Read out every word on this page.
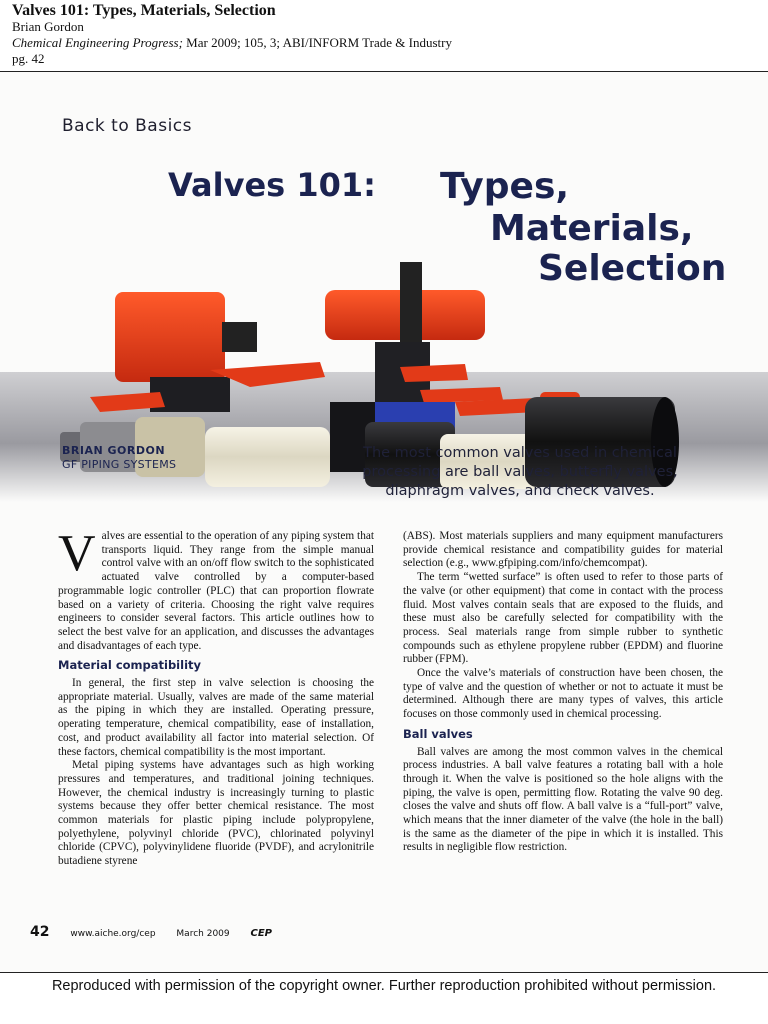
Valves 101: Types, Materials, Selection
Brian Gordon
Chemical Engineering Progress; Mar 2009; 105, 3; ABI/INFORM Trade & Industry
pg. 42
Back to Basics
Valves 101: Types,
Materials,
Selection
BRIAN GORDON
GF PIPING SYSTEMS
The most common valves used in chemical processing are ball valves, butterfly valves, diaphragm valves, and check valves.

Valves are essential to the operation of any piping system that transports liquid. They range from the simple manual control valve with an on/off flow switch to the sophisticated actuated valve controlled by a computer-based programmable logic controller (PLC) that can proportion flowrate based on a variety of criteria. Choosing the right valve requires engineers to consider several factors. This article outlines how to select the best valve for an application, and discusses the advantages and disadvantages of each type.

Material compatibility

In general, the first step in valve selection is choosing the appropriate material. Usually, valves are made of the same material as the piping in which they are installed. Operating pressure, operating temperature, chemical compatibility, ease of installation, cost, and product availability all factor into material selection. Of these factors, chemical compatibility is the most important.

Metal piping systems have advantages such as high working pressures and temperatures, and traditional joining techniques. However, the chemical industry is increasingly turning to plastic systems because they offer better chemical resistance. The most common materials for plastic piping include polypropylene, polyethylene, polyvinyl chloride (PVC), chlorinated polyvinyl chloride (CPVC), polyvinylidene fluoride (PVDF), and acrylonitrile butadiene styrene

(ABS). Most materials suppliers and many equipment manufacturers provide chemical resistance and compatibility guides for material selection (e.g., www.gfpiping.com/info/chemcompat).

The term “wetted surface” is often used to refer to those parts of the valve (or other equipment) that come in contact with the process fluid. Most valves contain seals that are exposed to the fluids, and these must also be carefully selected for compatibility with the process. Seal materials range from simple rubber to synthetic compounds such as ethylene propylene rubber (EPDM) and fluorine rubber (FPM).

Once the valve’s materials of construction have been chosen, the type of valve and the question of whether or not to actuate it must be determined. Although there are many types of valves, this article focuses on those commonly used in chemical processing.

Ball valves

Ball valves are among the most common valves in the chemical process industries. A ball valve features a rotating ball with a hole through it. When the valve is positioned so the hole aligns with the piping, the valve is open, permitting flow. Rotating the valve 90 deg. closes the valve and shuts off flow. A ball valve is a “full-port” valve, which means that the inner diameter of the valve (the hole in the ball) is the same as the diameter of the pipe in which it is installed. This results in negligible flow restriction.

42 www.aiche.org/cep March 2009 CEP
Reproduced with permission of the copyright owner. Further reproduction prohibited without permission.
